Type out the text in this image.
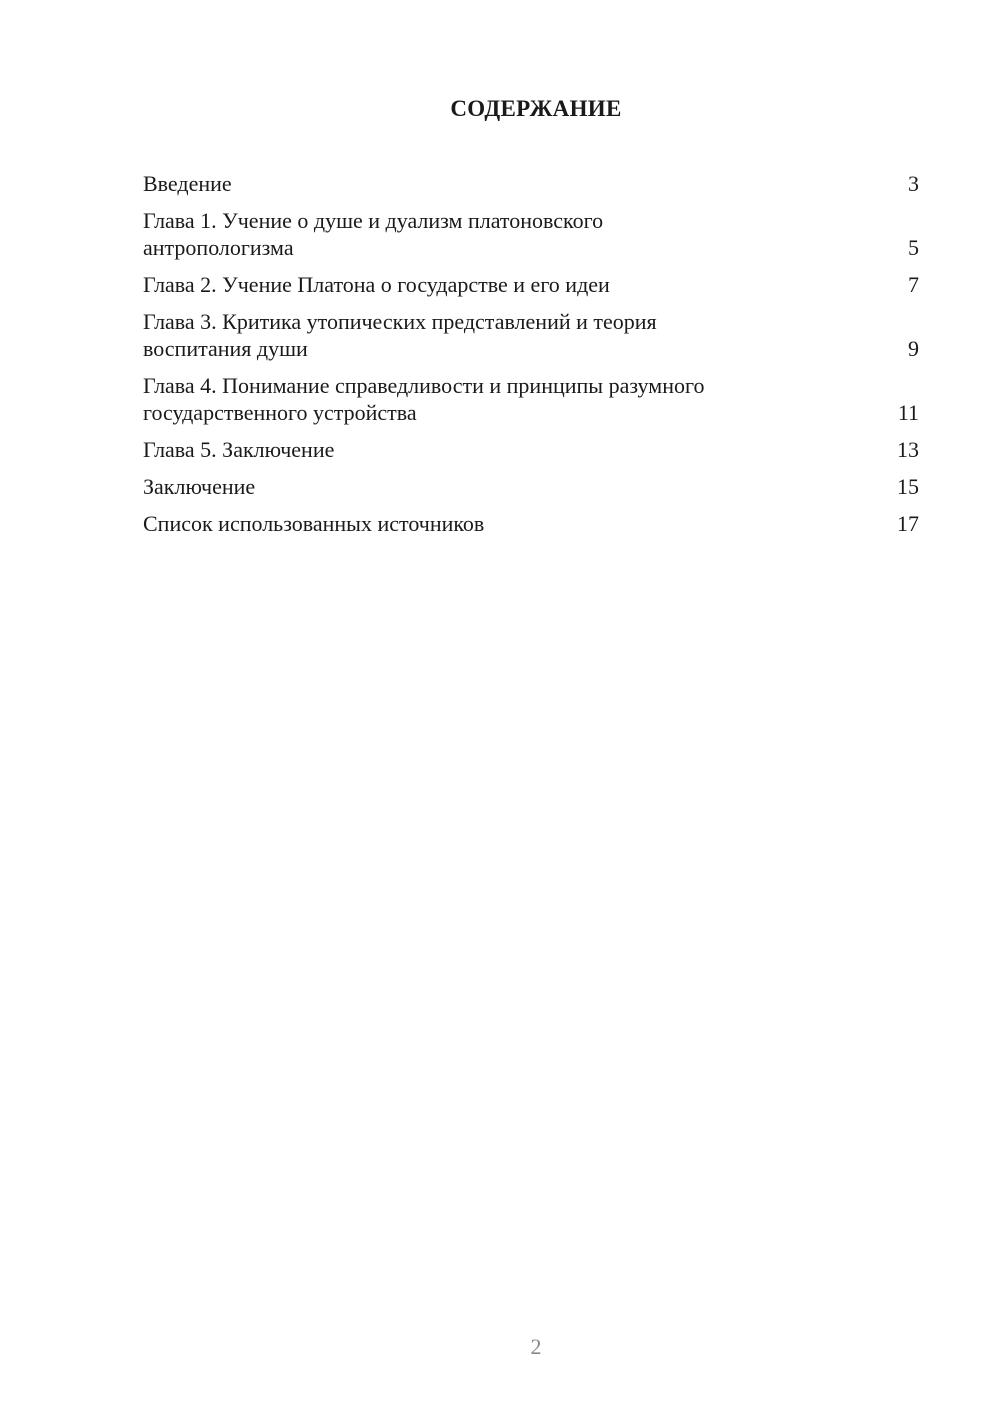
СОДЕРЖАНИЕ
Введение	3
Глава 1. Учение о душе и дуализм платоновского антропологизма	5
Глава 2. Учение Платона о государстве и его идеи	7
Глава 3. Критика утопических представлений и теория воспитания души	9
Глава 4. Понимание справедливости и принципы разумного государственного устройства	11
Глава 5. Заключение	13
Заключение	15
Список использованных источников	17
2
